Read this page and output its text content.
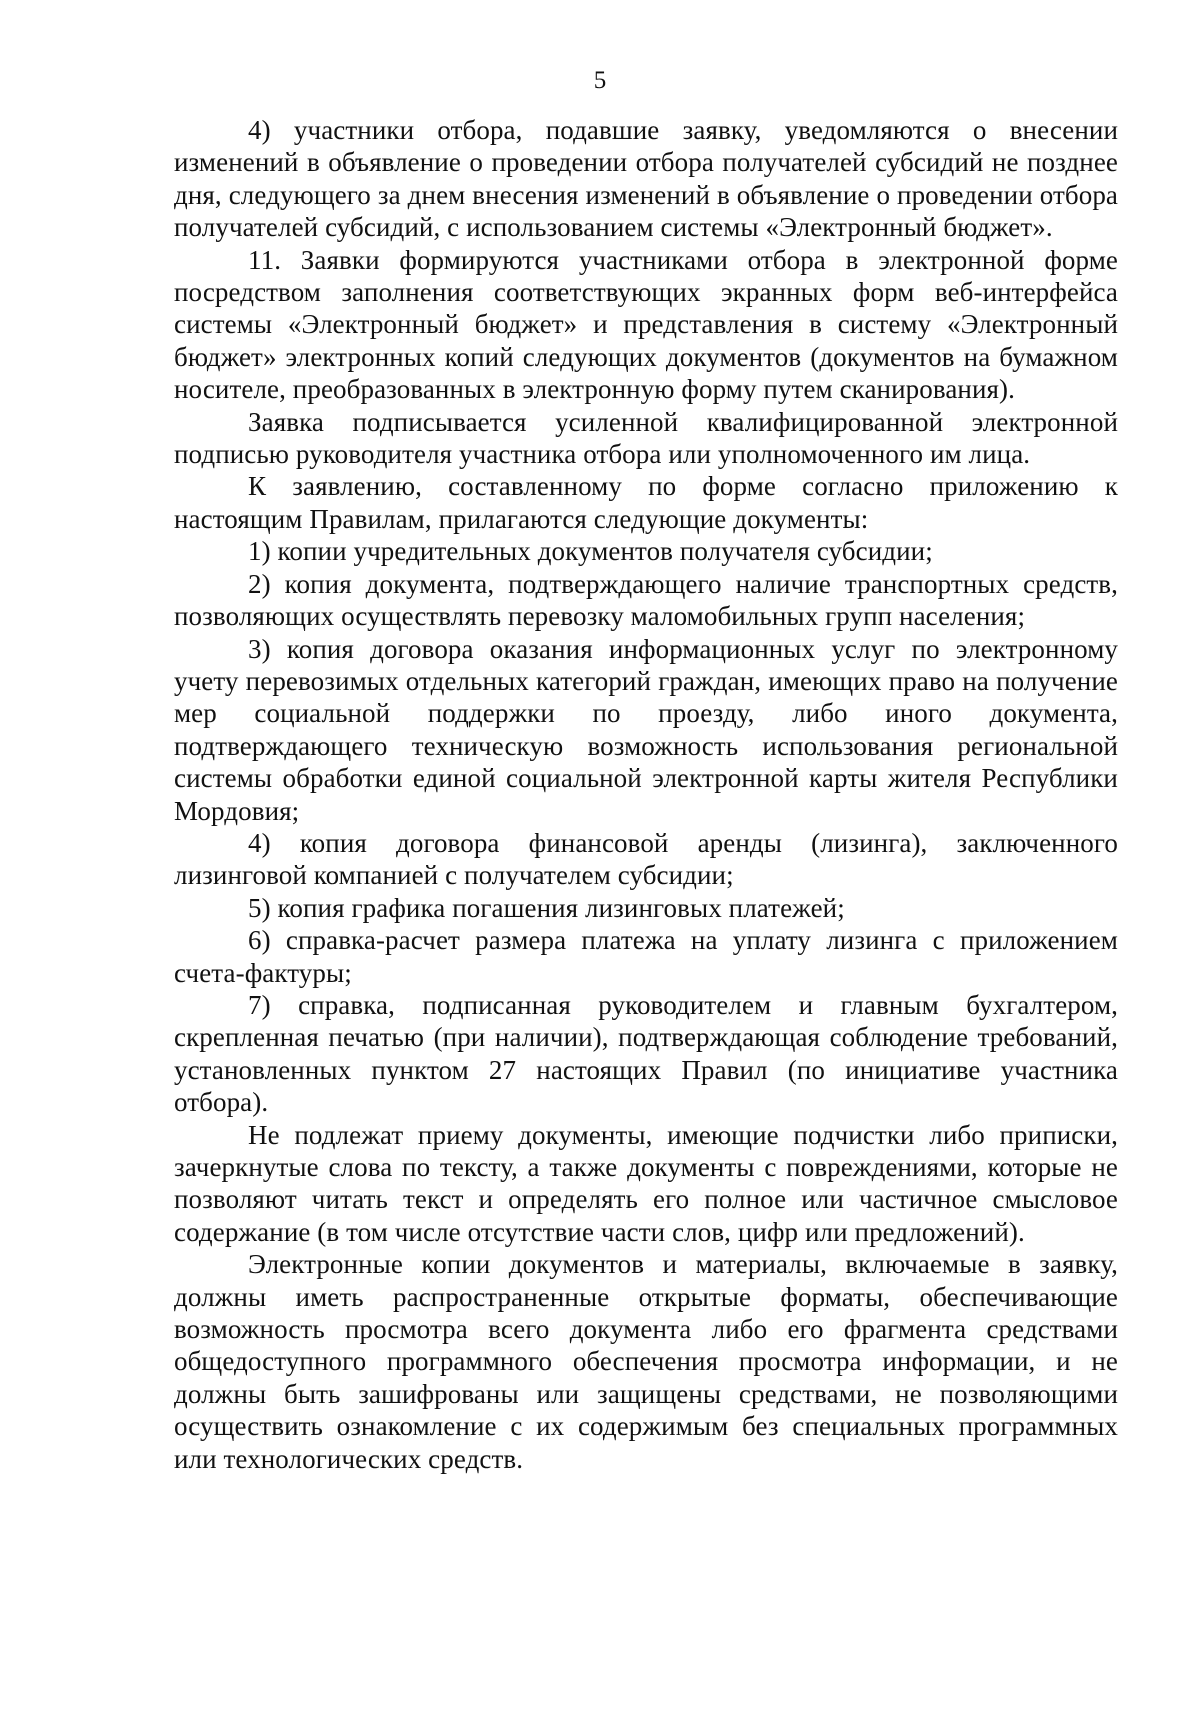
5

4) участники отбора, подавшие заявку, уведомляются о внесении изменений в объявление о проведении отбора получателей субсидий не позднее дня, следующего за днем внесения изменений в объявление о проведении отбора получателей субсидий, с использованием системы «Электронный бюджет».

11. Заявки формируются участниками отбора в электронной форме посредством заполнения соответствующих экранных форм веб-интерфейса системы «Электронный бюджет» и представления в систему «Электронный бюджет» электронных копий следующих документов (документов на бумажном носителе, преобразованных в электронную форму путем сканирования).

Заявка подписывается усиленной квалифицированной электронной подписью руководителя участника отбора или уполномоченного им лица.

К заявлению, составленному по форме согласно приложению к настоящим Правилам, прилагаются следующие документы:

1) копии учредительных документов получателя субсидии;

2) копия документа, подтверждающего наличие транспортных средств, позволяющих осуществлять перевозку маломобильных групп населения;

3) копия договора оказания информационных услуг по электронному учету перевозимых отдельных категорий граждан, имеющих право на получение мер социальной поддержки по проезду, либо иного документа, подтверждающего техническую возможность использования региональной системы обработки единой социальной электронной карты жителя Республики Мордовия;

4) копия договора финансовой аренды (лизинга), заключенного лизинговой компанией с получателем субсидии;

5) копия графика погашения лизинговых платежей;

6) справка-расчет размера платежа на уплату лизинга с приложением счета-фактуры;

7) справка, подписанная руководителем и главным бухгалтером, скрепленная печатью (при наличии), подтверждающая соблюдение требований, установленных пунктом 27 настоящих Правил (по инициативе участника отбора).

Не подлежат приему документы, имеющие подчистки либо приписки, зачеркнутые слова по тексту, а также документы с повреждениями, которые не позволяют читать текст и определять его полное или частичное смысловое содержание (в том числе отсутствие части слов, цифр или предложений).

Электронные копии документов и материалы, включаемые в заявку, должны иметь распространенные открытые форматы, обеспечивающие возможность просмотра всего документа либо его фрагмента средствами общедоступного программного обеспечения просмотра информации, и не должны быть зашифрованы или защищены средствами, не позволяющими осуществить ознакомление с их содержимым без специальных программных или технологических средств.
